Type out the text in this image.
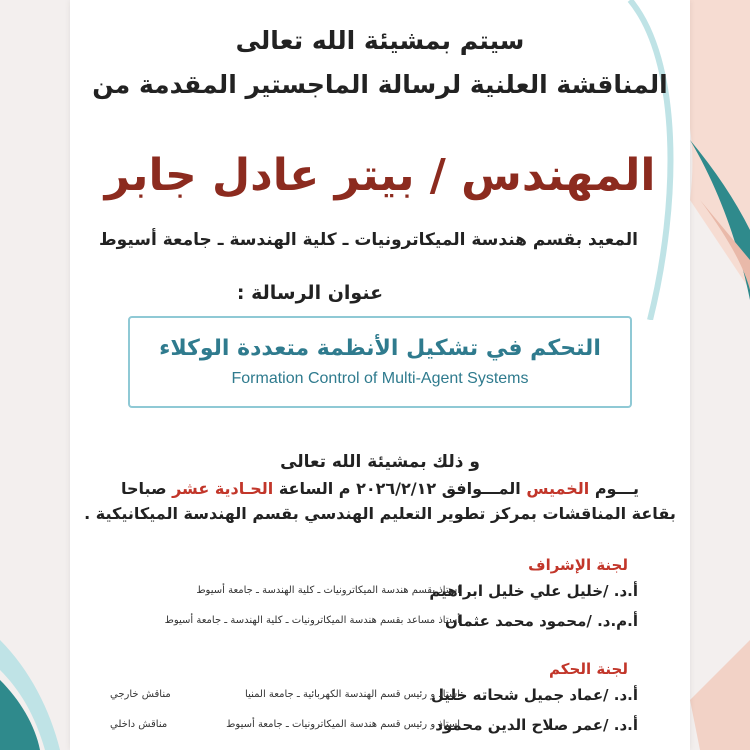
سيتم بمشيئة الله تعالى
المناقشة العلنية لرسالة الماجستير المقدمة من
المهندس / بيتر عادل جابر
المعيد بقسم هندسة الميكاترونيات ـ كلية الهندسة ـ جامعة أسيوط
عنوان الرسالة :
التحكم في تشكيل الأنظمة متعددة الوكلاء
Formation Control of Multi-Agent Systems
و ذلك بمشيئة الله تعالى
يـــوم الخميس المـــوافق ٢٠٢٦/٢/١٢ م الساعة الحـادية عشر صباحا
بقاعة المناقشات بمركز تطوير التعليم الهندسي بقسم الهندسة الميكانيكية .
لجنة الإشراف
أ.د. /خليل علي خليل ابراهيم
استاذ بقسم هندسة الميكاترونيات ـ كلية الهندسة ـ جامعة أسيوط
أ.م.د. /محمود محمد عثمان
أستاذ مساعد بقسم هندسة الميكاترونيات ـ كلية الهندسة ـ جامعة أسيوط
لجنة الحكم
أ.د. /عماد جميل شحاته خليل
استاذ و رئيس قسم الهندسة الكهربائية ـ جامعة المنيا
مناقش خارجي
أ.د. /عمر صلاح الدين محمود
استاذ و رئيس قسم هندسة الميكاترونيات ـ جامعة أسيوط
مناقش داخلي
